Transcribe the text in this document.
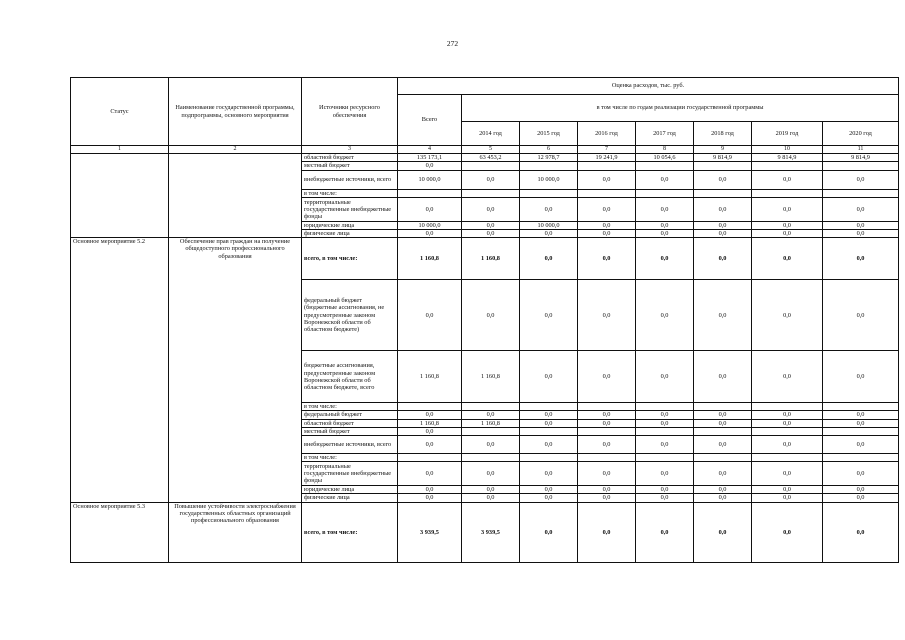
272
Статус	Наименование государственной программы, подпрограммы, основного мероприятия	Источники ресурсного обеспечения	Оценка расходов, тыс. руб.							
			Всего	в том числе по годам реализации государственной программы						
				2014 год	2015 год	2016 год	2017 год	2018 год	2019 год	2020 год
1	2	3	4	5	6	7	8	9	10	11
		областной бюджет	135 173,1	63 453,2	12 978,7	19 241,9	10 054,6	9 814,9	9 814,9	9 814,9
		местный бюджет	0,0							
		внебюджетные источники, всего	10 000,0	0,0	10 000,0	0,0	0,0	0,0	0,0	0,0
		в том числе:								
		территориальные государственные внебюджетные фонды	0,0	0,0	0,0	0,0	0,0	0,0	0,0	0,0
		юридические лица	10 000,0	0,0	10 000,0	0,0	0,0	0,0	0,0	0,0
		физические лица	0,0	0,0	0,0	0,0	0,0	0,0	0,0	0,0
Основное мероприятие 5.2	Обеспечение прав граждан на получение общедоступного профессионального образования	всего, в том числе:	1 160,8	1 160,8	0,0	0,0	0,0	0,0	0,0	0,0
		федеральный бюджет (бюджетные ассигнования, не предусмотренные законом Воронежской области об областном бюджете)	0,0	0,0	0,0	0,0	0,0	0,0	0,0	0,0
		бюджетные ассигнования, предусмотренные законом Воронежской области об областном бюджете, всего	1 160,8	1 160,8	0,0	0,0	0,0	0,0	0,0	0,0
		в том числе:								
		федеральный бюджет	0,0	0,0	0,0	0,0	0,0	0,0	0,0	0,0
		областной бюджет	1 160,8	1 160,8	0,0	0,0	0,0	0,0	0,0	0,0
		местный бюджет	0,0							
		внебюджетные источники, всего	0,0	0,0	0,0	0,0	0,0	0,0	0,0	0,0
		в том числе:								
		территориальные государственные внебюджетные фонды	0,0	0,0	0,0	0,0	0,0	0,0	0,0	0,0
		юридические лица	0,0	0,0	0,0	0,0	0,0	0,0	0,0	0,0
		физические лица	0,0	0,0	0,0	0,0	0,0	0,0	0,0	0,0
Основное мероприятие 5.3	Повышение устойчивости электроснабжения государственных областных организаций профессионального образования	всего, в том числе:	3 939,5	3 939,5	0,0	0,0	0,0	0,0	0,0	0,0
